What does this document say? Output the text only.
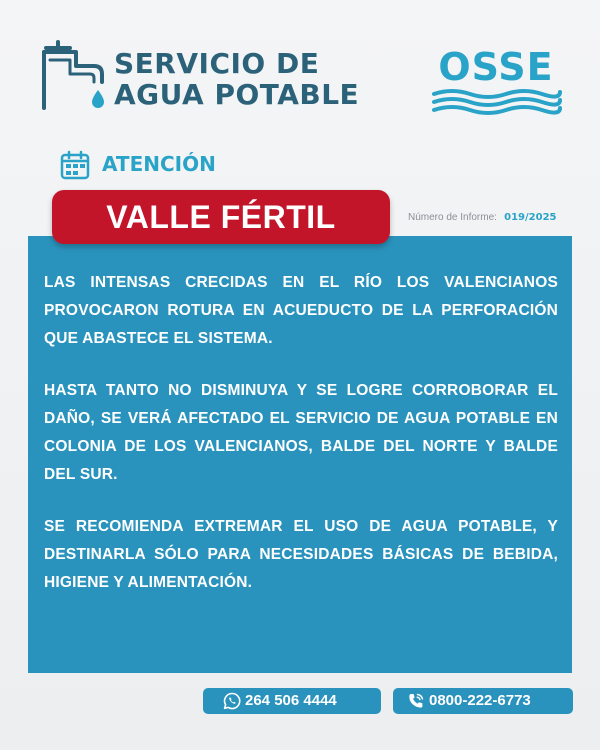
SERVICIO DE
AGUA POTABLE
OSSE
ATENCIÓN
VALLE FÉRTIL	Número de Informe: 019/2025

LAS INTENSAS CRECIDAS EN EL RÍO LOS VALENCIANOS PROVOCARON ROTURA EN ACUEDUCTO DE LA PERFORACIÓN QUE ABASTECE EL SISTEMA.

HASTA TANTO NO DISMINUYA Y SE LOGRE CORROBORAR EL DAÑO, SE VERÁ AFECTADO EL SERVICIO DE AGUA POTABLE EN COLONIA DE LOS VALENCIANOS, BALDE DEL NORTE Y BALDE DEL SUR.

SE RECOMIENDA EXTREMAR EL USO DE AGUA POTABLE, Y DESTINARLA SÓLO PARA NECESIDADES BÁSICAS DE BEBIDA, HIGIENE Y ALIMENTACIÓN.

264 506 4444	0800-222-6773
